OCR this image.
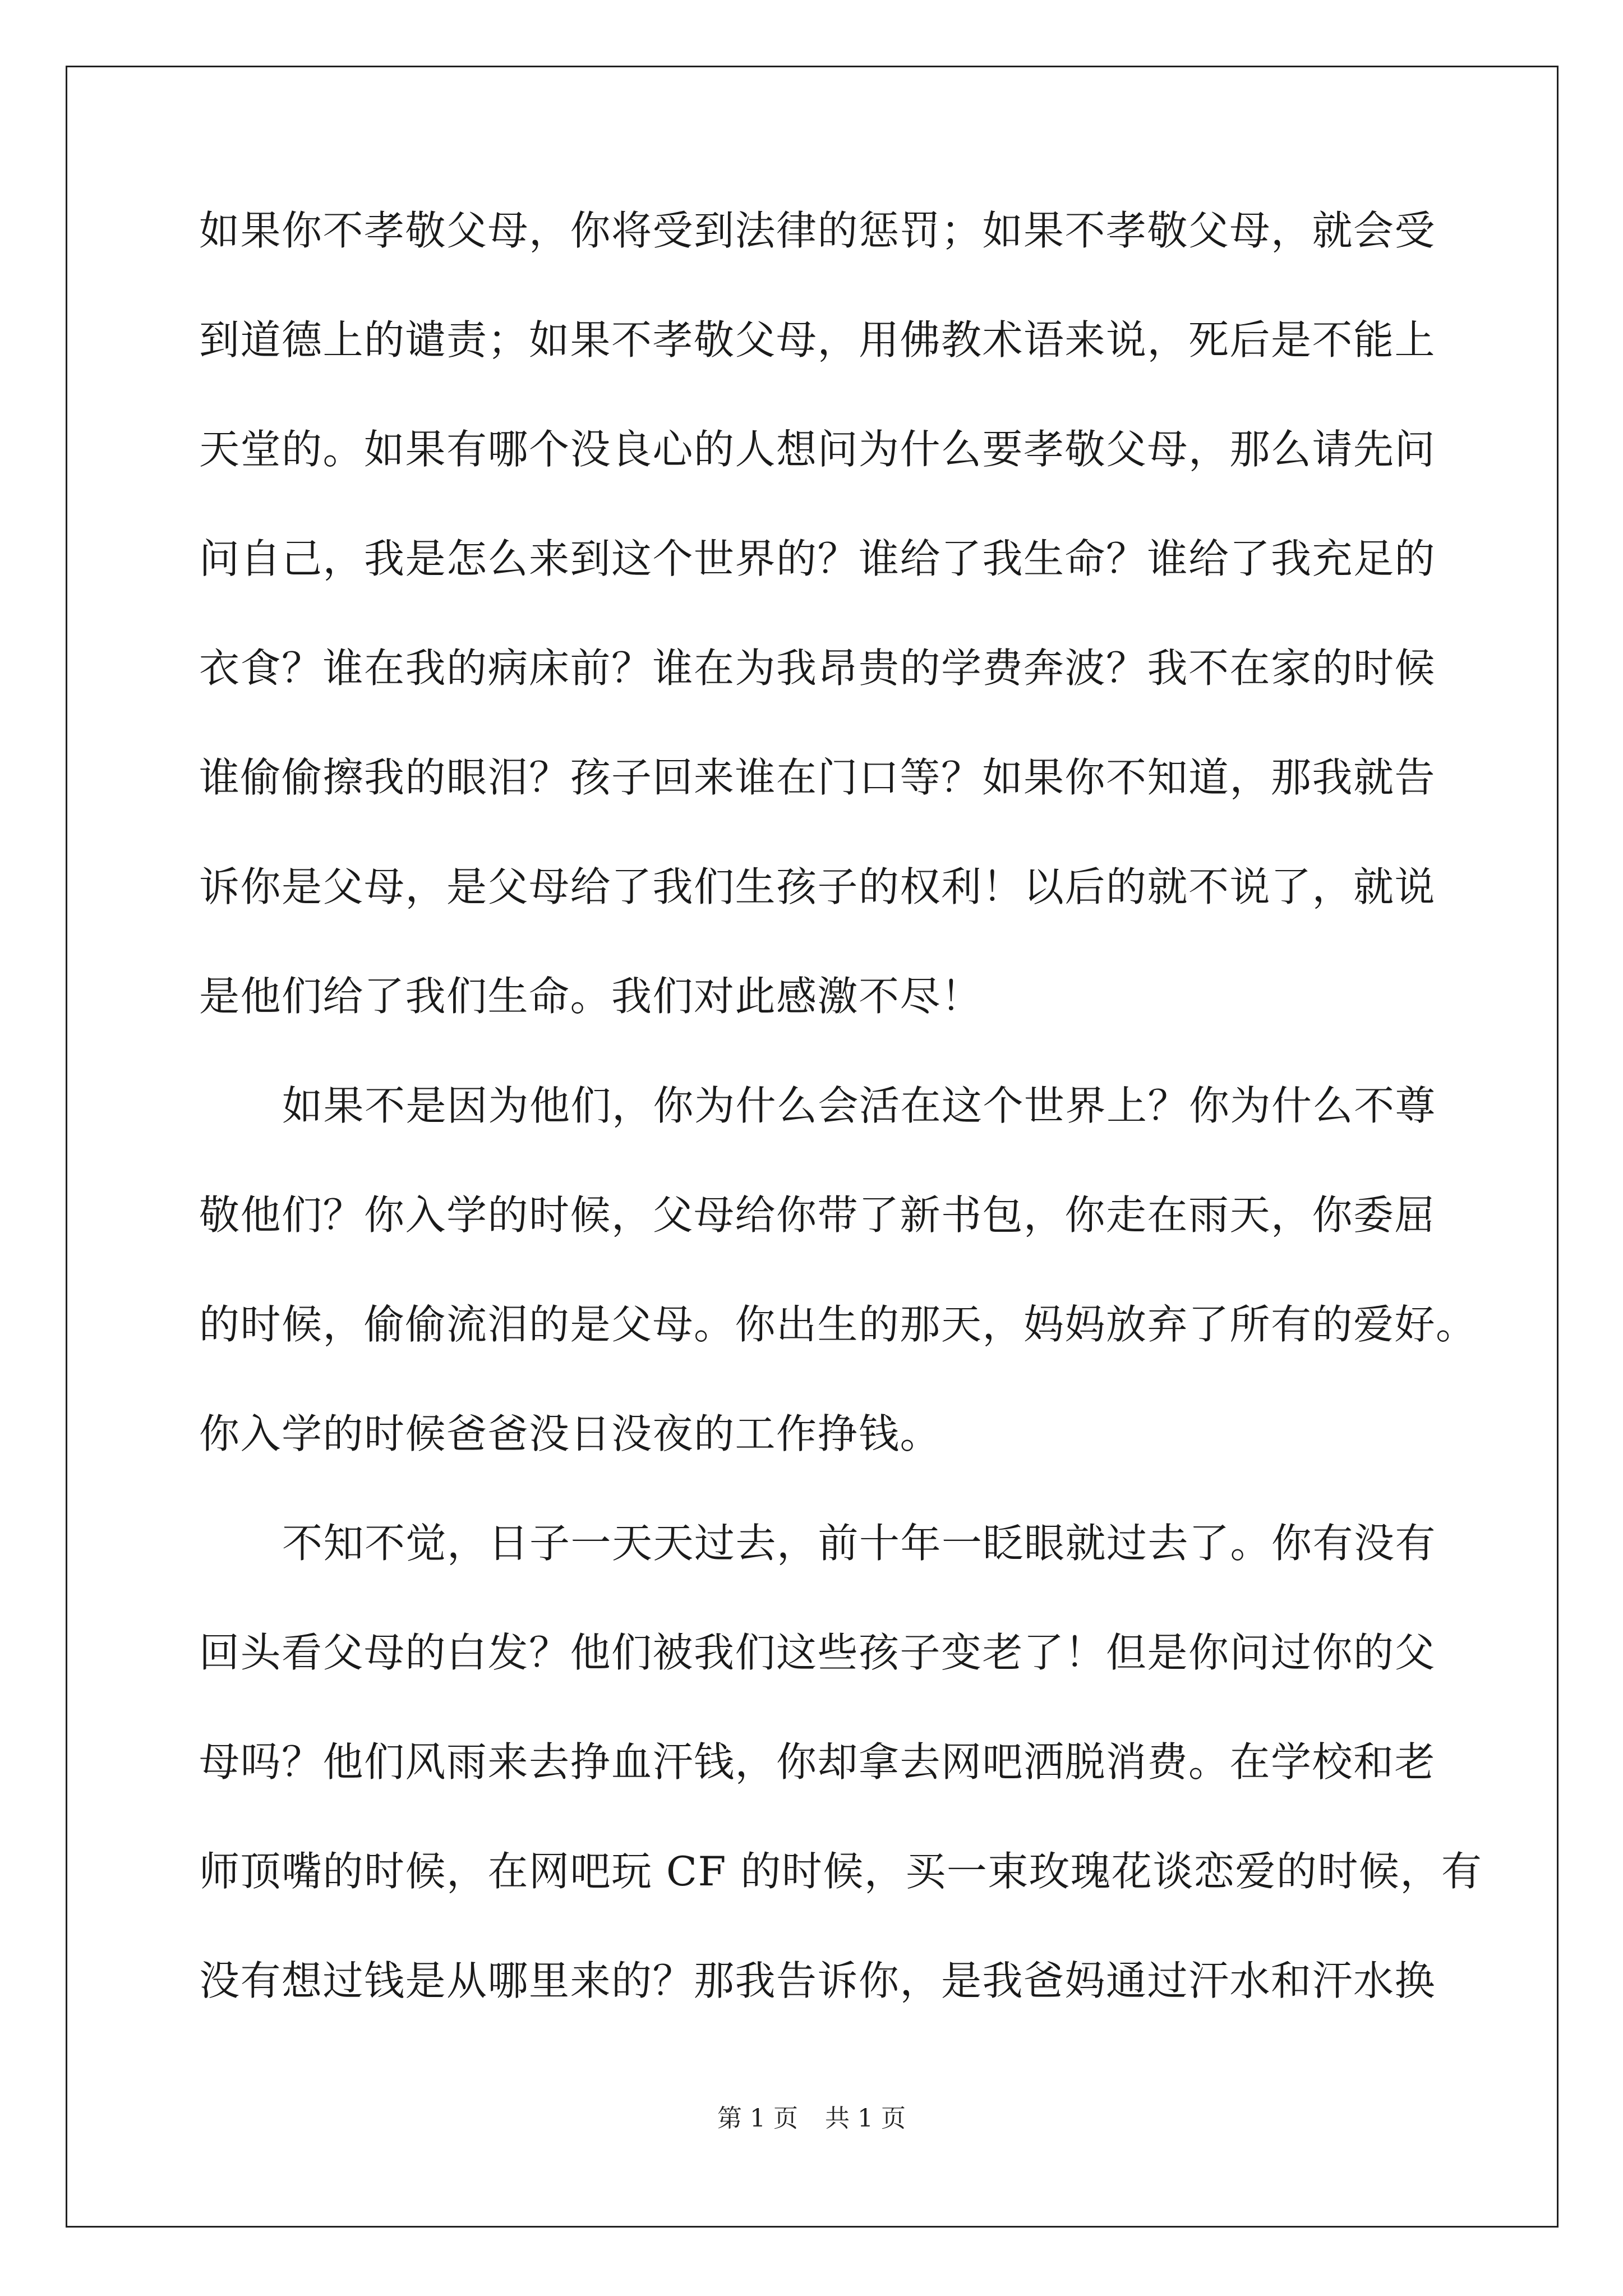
如果你不孝敬父母，你将受到法律的惩罚；如果不孝敬父母，就会受
到道德上的谴责；如果不孝敬父母，用佛教术语来说，死后是不能上
天堂的。如果有哪个没良心的人想问为什么要孝敬父母，那么请先问
问自己，我是怎么来到这个世界的？谁给了我生命？谁给了我充足的
衣食？谁在我的病床前？谁在为我昂贵的学费奔波？我不在家的时候
谁偷偷擦我的眼泪？孩子回来谁在门口等？如果你不知道，那我就告
诉你是父母，是父母给了我们生孩子的权利！以后的就不说了，就说
是他们给了我们生命。我们对此感激不尽！
如果不是因为他们，你为什么会活在这个世界上？你为什么不尊
敬他们？你入学的时候，父母给你带了新书包，你走在雨天，你委屈
的时候，偷偷流泪的是父母。你出生的那天，妈妈放弃了所有的爱好。
你入学的时候爸爸没日没夜的工作挣钱。
不知不觉，日子一天天过去，前十年一眨眼就过去了。你有没有
回头看父母的白发？他们被我们这些孩子变老了！但是你问过你的父
母吗？他们风雨来去挣血汗钱，你却拿去网吧洒脱消费。在学校和老
师顶嘴的时候，在网吧玩 CF 的时候，买一束玫瑰花谈恋爱的时候，有
没有想过钱是从哪里来的？那我告诉你，是我爸妈通过汗水和汗水换
第 1 页 共 1 页
